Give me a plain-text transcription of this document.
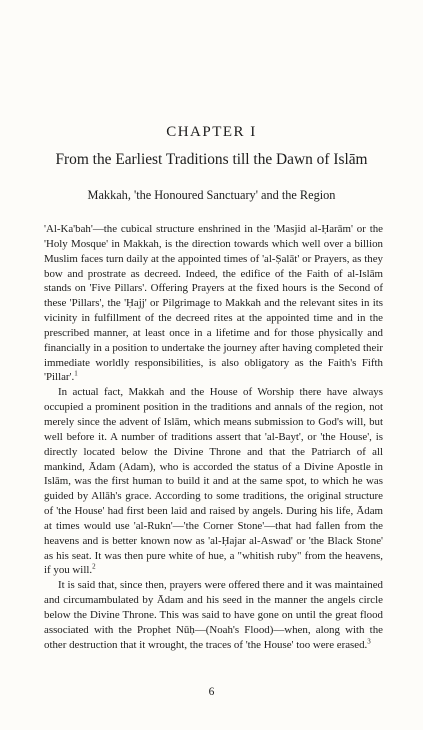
CHAPTER I
From the Earliest Traditions till the Dawn of Islām
Makkah, 'the Honoured Sanctuary' and the Region

'Al-Ka'bah'—the cubical structure enshrined in the 'Masjid al-Ḥarām' or the 'Holy Mosque' in Makkah, is the direction towards which well over a billion Muslim faces turn daily at the appointed times of 'al-Ṣalāt' or Prayers, as they bow and prostrate as decreed. Indeed, the edifice of the Faith of al-Islām stands on 'Five Pillars'. Offering Prayers at the fixed hours is the Second of these 'Pillars', the 'Ḥajj' or Pilgrimage to Makkah and the relevant sites in its vicinity in fulfillment of the decreed rites at the appointed time and in the prescribed manner, at least once in a lifetime and for those physically and financially in a position to undertake the journey after having completed their immediate worldly responsibilities, is also obligatory as the Faith's Fifth 'Pillar'.$^1$

In actual fact, Makkah and the House of Worship there have always occupied a prominent position in the traditions and annals of the region, not merely since the advent of Islām, which means submission to God's will, but well before it. A number of traditions assert that 'al-Bayt', or 'the House', is directly located below the Divine Throne and that the Patriarch of all mankind, Ādam (Adam), who is accorded the status of a Divine Apostle in Islām, was the first human to build it and at the same spot, to which he was guided by Allāh's grace. According to some traditions, the original structure of 'the House' had first been laid and raised by angels. During his life, Ādam at times would use 'al-Rukn'—'the Corner Stone'—that had fallen from the heavens and is better known now as 'al-Ḥajar al-Aswad' or 'the Black Stone' as his seat. It was then pure white of hue, a "whitish ruby" from the heavens, if you will.$^2$

It is said that, since then, prayers were offered there and it was maintained and circumambulated by Ādam and his seed in the manner the angels circle below the Divine Throne. This was said to have gone on until the great flood associated with the Prophet Nūḥ—(Noah's Flood)—when, along with the other destruction that it wrought, the traces of 'the House' too were erased.$^3$

6
